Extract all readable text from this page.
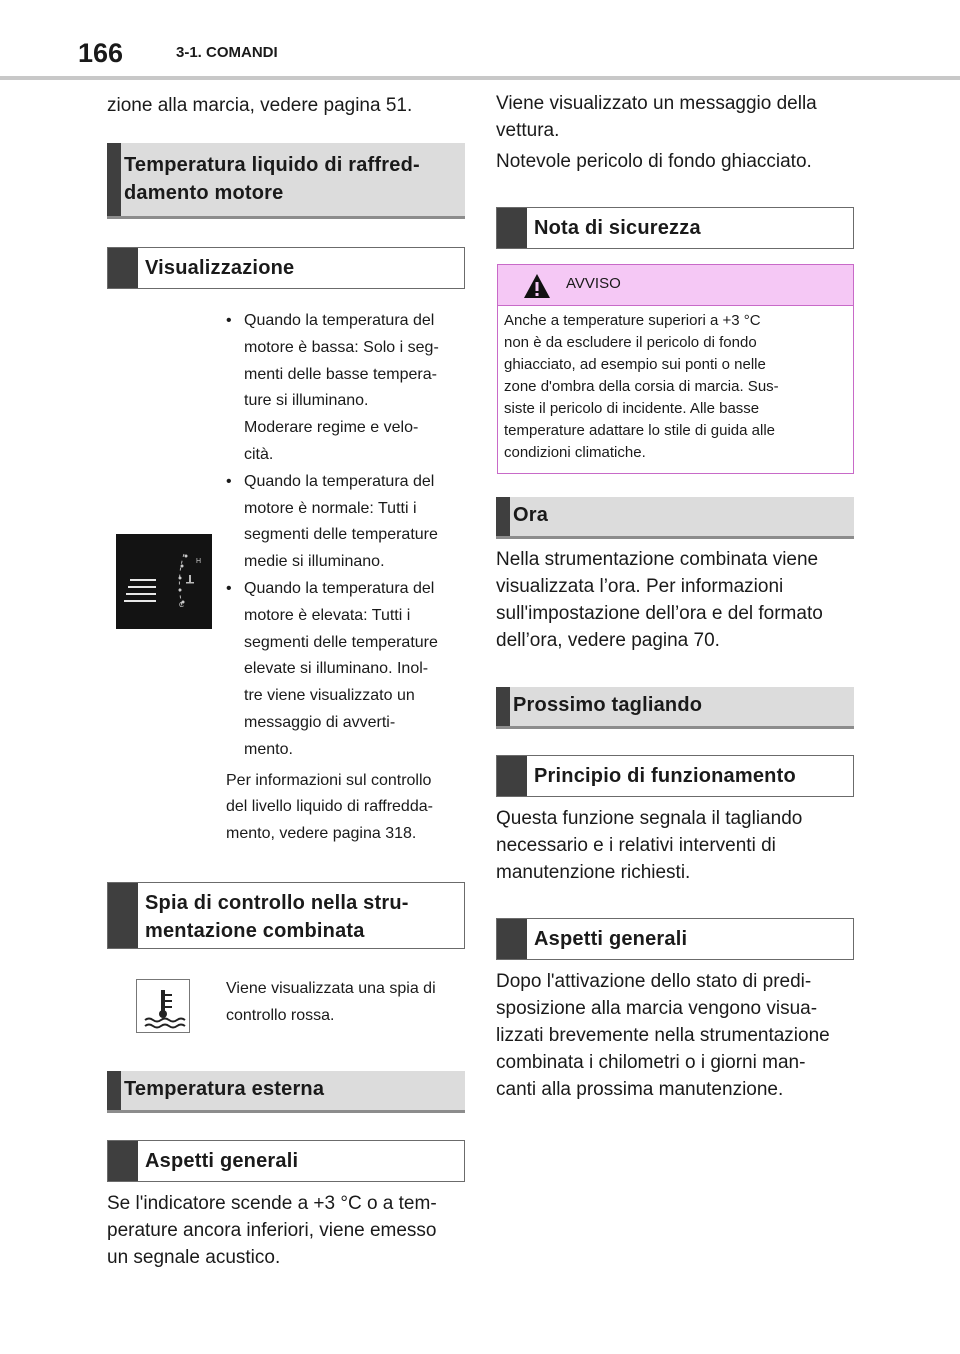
166	3-1. COMANDI
zione alla marcia, vedere pagina 51.
Temperatura liquido di raffred-
damento motore
Visualizzazione
• Quando la temperatura del
motore è bassa: Solo i seg-
menti delle basse tempera-
ture si illuminano.
Moderare regime e velo-
cità.
• Quando la temperatura del
motore è normale: Tutti i
segmenti delle temperature
medie si illuminano.
• Quando la temperatura del
motore è elevata: Tutti i
segmenti delle temperature
elevate si illuminano. Inol-
tre viene visualizzato un
messaggio di avverti-
mento.
Per informazioni sul controllo
del livello liquido di raffredda-
mento, vedere pagina 318.
H
C
Spia di controllo nella stru-
mentazione combinata
Viene visualizzata una spia di
controllo rossa.
Temperatura esterna
Aspetti generali
Se l'indicatore scende a +3 °C o a tem-
perature ancora inferiori, viene emesso
un segnale acustico.
Viene visualizzato un messaggio della
vettura.
Notevole pericolo di fondo ghiacciato.
Nota di sicurezza
AVVISO
Anche a temperature superiori a +3 °C
non è da escludere il pericolo di fondo
ghiacciato, ad esempio sui ponti o nelle
zone d'ombra della corsia di marcia. Sus-
siste il pericolo di incidente. Alle basse
temperature adattare lo stile di guida alle
condizioni climatiche.
Ora
Nella strumentazione combinata viene
visualizzata l’ora. Per informazioni
sull'impostazione dell’ora e del formato
dell’ora, vedere pagina 70.
Prossimo tagliando
Principio di funzionamento
Questa funzione segnala il tagliando
necessario e i relativi interventi di
manutenzione richiesti.
Aspetti generali
Dopo l'attivazione dello stato di predi-
sposizione alla marcia vengono visua-
lizzati brevemente nella strumentazione
combinata i chilometri o i giorni man-
canti alla prossima manutenzione.
